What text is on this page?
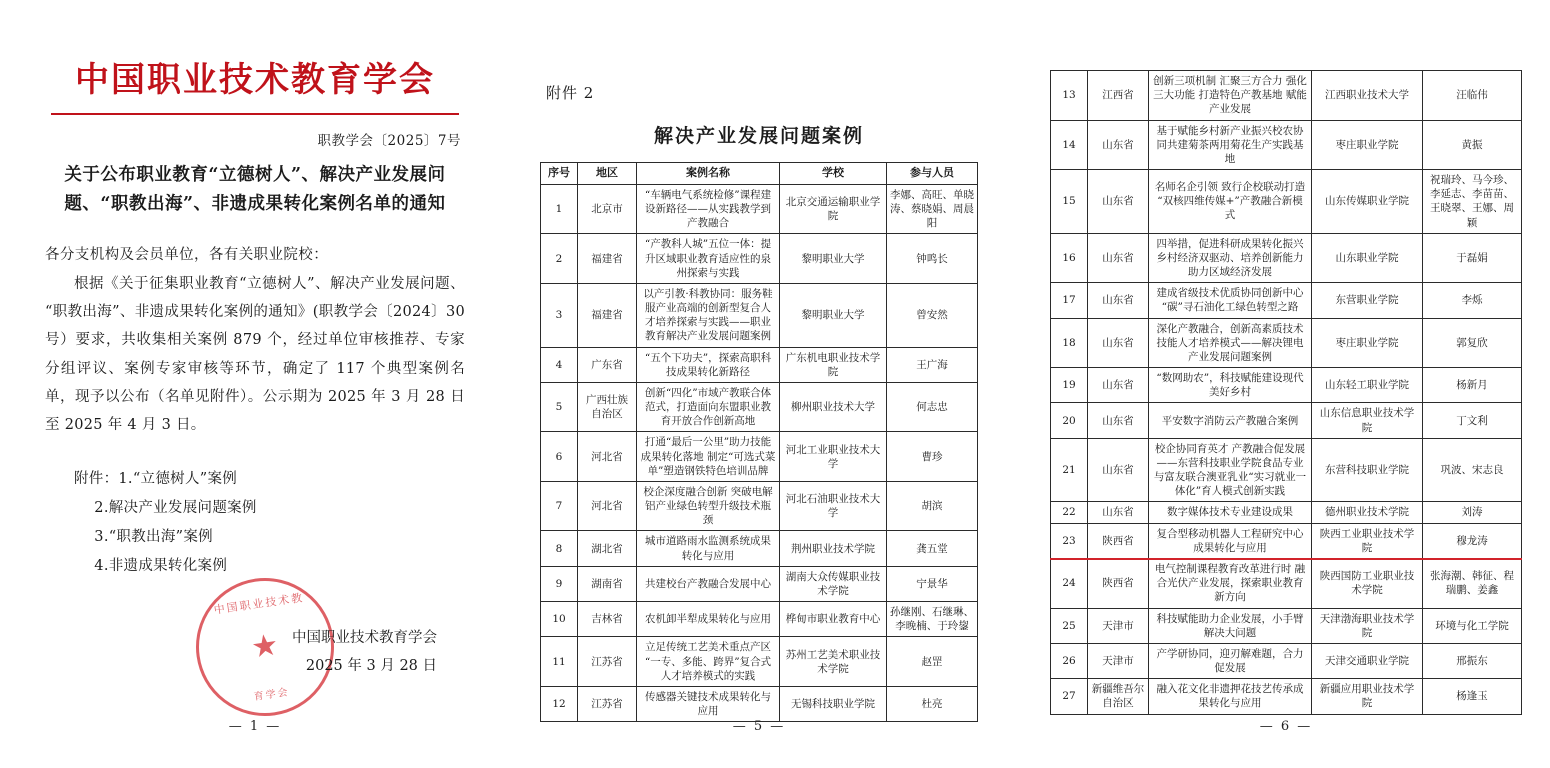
中国职业技术教育学会
职教学会〔2025〕7号
关于公布职业教育“立德树人”、解决产业发展问题、“职教出海”、非遗成果转化案例名单的通知
各分支机构及会员单位，各有关职业院校：

根据《关于征集职业教育“立德树人”、解决产业发展问题、“职教出海”、非遗成果转化案例的通知》(职教学会〔2024〕30号）要求，共收集相关案例 879 个，经过单位审核推荐、专家分组评议、案例专家审核等环节，确定了 117 个典型案例名单，现予以公布（名单见附件）。公示期为 2025 年 3 月 28 日至 2025 年 4 月 3 日。

附件：1.“立德树人”案例
2.解决产业发展问题案例
3.“职教出海”案例
4.非遗成果转化案例
中国职业技术教
★
育学会
中国职业技术教育学会
2025 年 3 月 28 日
— 1 —
附件 2
解决产业发展问题案例
序号	地区	案例名称	学校	参与人员
1	北京市	“车辆电气系统检修”课程建设新路径——从实践教学到产教融合	北京交通运输职业学院	李娜、高旺、单晓涛、蔡晓娟、周晨阳
2	福建省	“产教科人城”五位一体：提升区域职业教育适应性的泉州探索与实践	黎明职业大学	钟鸣长
3	福建省	以产引教·科教协同：服务鞋服产业高端的创新型复合人才培养探索与实践——职业教育解决产业发展问题案例	黎明职业大学	曾安然
4	广东省	“五个下功夫”，探索高职科技成果转化新路径	广东机电职业技术学院	王广海
5	广西壮族自治区	创新“四化”市域产教联合体范式，打造面向东盟职业教育开放合作创新高地	柳州职业技术大学	何志忠
6	河北省	打通“最后一公里”助力技能成果转化落地 制定“可选式菜单”塑造钢铁特色培训品牌	河北工业职业技术大学	曹珍
7	河北省	校企深度融合创新 突破电解铝产业绿色转型升级技术瓶颈	河北石油职业技术大学	胡滨
8	湖北省	城市道路雨水监测系统成果转化与应用	荆州职业技术学院	龚五堂
9	湖南省	共建校台产教融合发展中心	湖南大众传媒职业技术学院	宁景华
10	吉林省	农机卸半犁成果转化与应用	桦甸市职业教育中心	孙继刚、石继琳、李晚楠、于玲鋆
11	江苏省	立足传统工艺美术重点产区“一专、多能、跨界”复合式人才培养模式的实践	苏州工艺美术职业技术学院	赵罡
12	江苏省	传感器关键技术成果转化与应用	无锡科技职业学院	杜亮
— 5 —
13	江西省	创新三项机制 汇聚三方合力 强化三大功能 打造特色产教基地 赋能产业发展	江西职业技术大学	汪临伟
14	山东省	基于赋能乡村新产业振兴校农协同共建菊茶两用菊花生产实践基地	枣庄职业学院	黄振
15	山东省	名师名企引领 致行企校联动打造“双核四维传媒+”产教融合新模式	山东传媒职业学院	祝瑞玲、马今珍、李延志、李苗苗、王晓翠、王娜、周颖
16	山东省	四举措，促进科研成果转化振兴乡村经济双驱动、培养创新能力助力区域经济发展	山东职业学院	于磊娟
17	山东省	建成省级技术优质协同创新中心 “碳”寻石油化工绿色转型之路	东营职业学院	李烁
18	山东省	深化产教融合，创新高素质技术技能人才培养模式——解决锂电产业发展问题案例	枣庄职业学院	郭复欣
19	山东省	“数网助农”，科技赋能建设现代美好乡村	山东轻工职业学院	杨新月
20	山东省	平安数字消防云产教融合案例	山东信息职业技术学院	丁文利
21	山东省	校企协同育英才 产教融合促发展——东营科技职业学院食品专业与富友联合澳亚乳业“实习就业一体化”育人模式创新实践	东营科技职业学院	巩波、宋志良
22	山东省	数字媒体技术专业建设成果	德州职业技术学院	刘涛
23	陕西省	复合型移动机器人工程研究中心成果转化与应用	陕西工业职业技术学院	穆龙涛
24	陕西省	电气控制课程教育改革进行时 融合光伏产业发展，探索职业教育新方向	陕西国防工业职业技术学院	张海潮、韩征、程瑞鹏、姜鑫
25	天津市	科技赋能助力企业发展，小手臂解决大问题	天津渤海职业技术学院	环境与化工学院
26	天津市	产学研协同，迎刃解难题，合力促发展	天津交通职业学院	邢振东
27	新疆维吾尔自治区	融入花文化非遗押花技艺传承成果转化与应用	新疆应用职业技术学院	杨逢玉
— 6 —
